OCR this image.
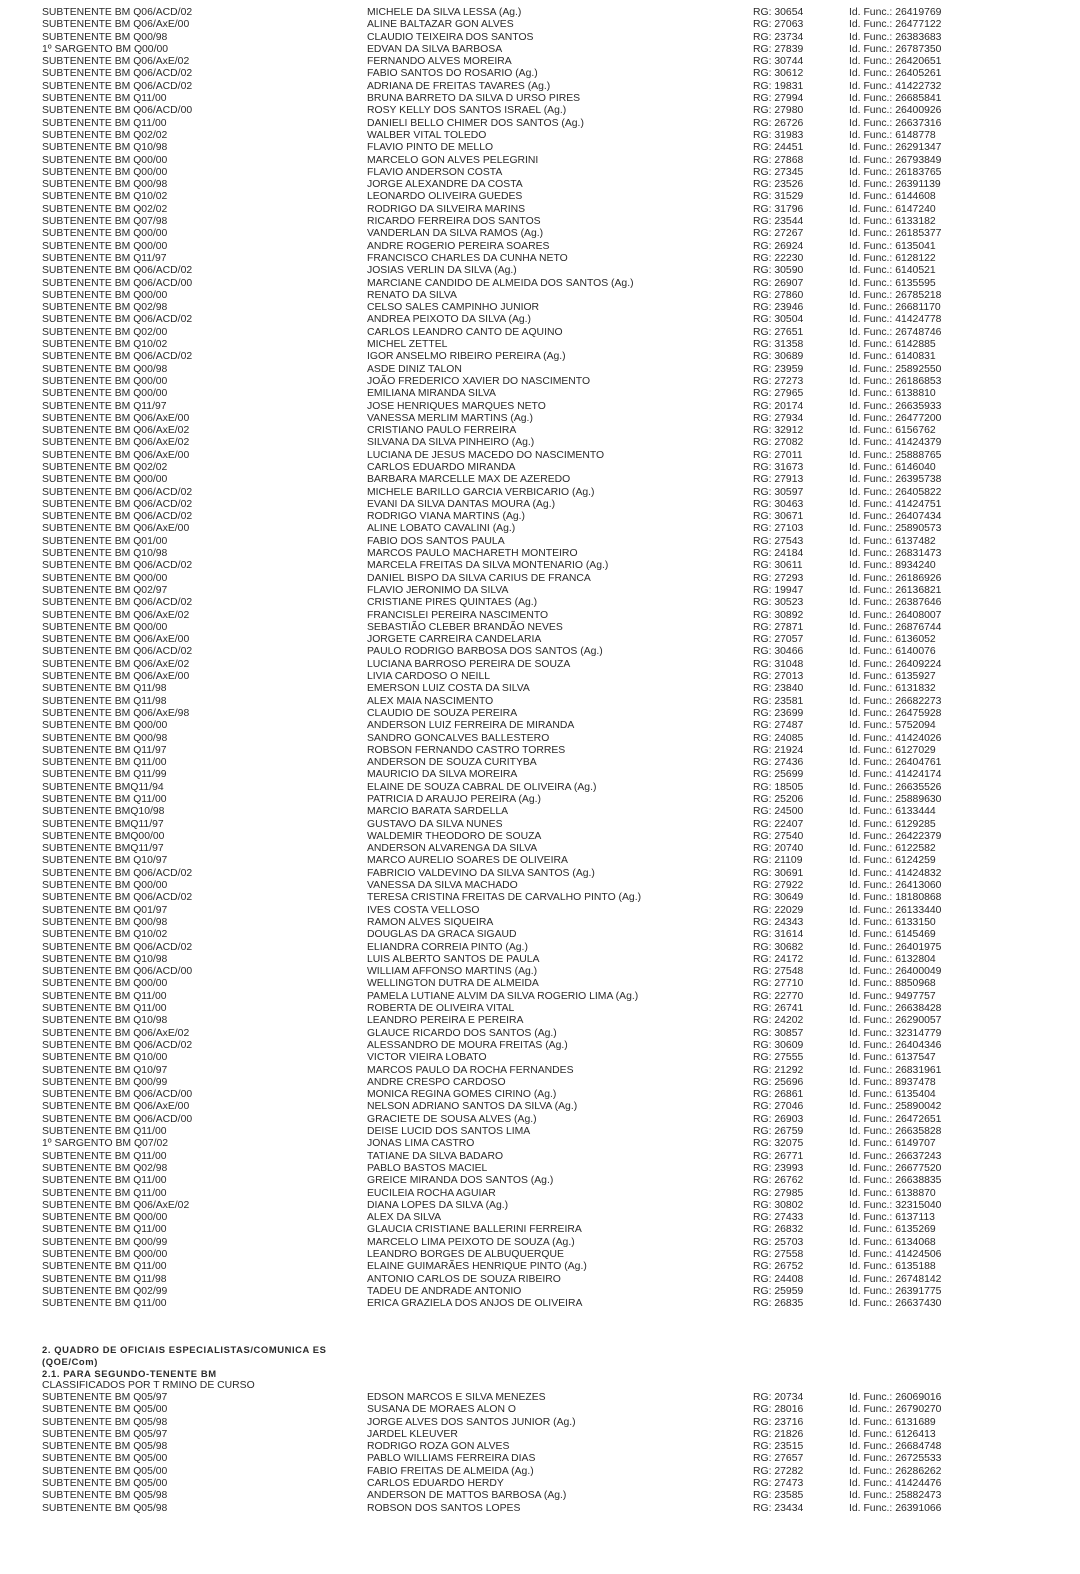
SUBTENENTE BM Q06/ACD/02	MICHELE DA SILVA LESSA (Ag.)	RG: 30654	Id. Func.: 26419769
SUBTENENTE BM Q06/AxE/00	ALINE BALTAZAR GON ALVES	RG: 27063	Id. Func.: 26477122
SUBTENENTE BM Q00/98	CLAUDIO TEIXEIRA DOS SANTOS	RG: 23734	Id. Func.: 26383683
1º SARGENTO BM Q00/00	EDVAN DA SILVA BARBOSA	RG: 27839	Id. Func.: 26787350
SUBTENENTE BM Q06/AxE/02	FERNANDO ALVES MOREIRA	RG: 30744	Id. Func.: 26420651
SUBTENENTE BM Q06/ACD/02	FABIO SANTOS DO ROSARIO (Ag.)	RG: 30612	Id. Func.: 26405261
SUBTENENTE BM Q06/ACD/02	ADRIANA DE FREITAS TAVARES (Ag.)	RG: 19831	Id. Func.: 41422732
SUBTENENTE BM Q11/00	BRUNA BARRETO DA SILVA D URSO PIRES	RG: 27994	Id. Func.: 26685841
SUBTENENTE BM Q06/ACD/00	ROSY KELLY DOS SANTOS ISRAEL (Ag.)	RG: 27980	Id. Func.: 26400926
SUBTENENTE BM Q11/00	DANIELI BELLO CHIMER DOS SANTOS (Ag.)	RG: 26726	Id. Func.: 26637316
SUBTENENTE BM Q02/02	WALBER VITAL TOLEDO	RG: 31983	Id. Func.: 6148778
SUBTENENTE BM Q10/98	FLAVIO PINTO DE MELLO	RG: 24451	Id. Func.: 26291347
SUBTENENTE BM Q00/00	MARCELO GON ALVES PELEGRINI	RG: 27868	Id. Func.: 26793849
SUBTENENTE BM Q00/00	FLAVIO ANDERSON COSTA	RG: 27345	Id. Func.: 26183765
SUBTENENTE BM Q00/98	JORGE ALEXANDRE DA COSTA	RG: 23526	Id. Func.: 26391139
SUBTENENTE BM Q10/02	LEONARDO OLIVEIRA GUEDES	RG: 31529	Id. Func.: 6144608
SUBTENENTE BM Q02/02	RODRIGO DA SILVEIRA MARINS	RG: 31796	Id. Func.: 6147240
SUBTENENTE BM Q07/98	RICARDO FERREIRA DOS SANTOS	RG: 23544	Id. Func.: 6133182
SUBTENENTE BM Q00/00	VANDERLAN DA SILVA RAMOS (Ag.)	RG: 27267	Id. Func.: 26185377
SUBTENENTE BM Q00/00	ANDRE ROGERIO PEREIRA SOARES	RG: 26924	Id. Func.: 6135041
SUBTENENTE BM Q11/97	FRANCISCO CHARLES DA CUNHA NETO	RG: 22230	Id. Func.: 6128122
SUBTENENTE BM Q06/ACD/02	JOSIAS VERLIN DA SILVA (Ag.)	RG: 30590	Id. Func.: 6140521
SUBTENENTE BM Q06/ACD/00	MARCIANE CANDIDO DE ALMEIDA DOS SANTOS (Ag.)	RG: 26907	Id. Func.: 6135595
SUBTENENTE BM Q00/00	RENATO DA SILVA	RG: 27860	Id. Func.: 26785218
SUBTENENTE BM Q02/98	CELSO SALES CAMPINHO JUNIOR	RG: 23946	Id. Func.: 26681170
SUBTENENTE BM Q06/ACD/02	ANDREA PEIXOTO DA SILVA (Ag.)	RG: 30504	Id. Func.: 41424778
SUBTENENTE BM Q02/00	CARLOS LEANDRO CANTO DE AQUINO	RG: 27651	Id. Func.: 26748746
SUBTENENTE BM Q10/02	MICHEL ZETTEL	RG: 31358	Id. Func.: 6142885
SUBTENENTE BM Q06/ACD/02	IGOR ANSELMO RIBEIRO PEREIRA (Ag.)	RG: 30689	Id. Func.: 6140831
SUBTENENTE BM Q00/98	ASDE DINIZ TALON	RG: 23959	Id. Func.: 25892550
SUBTENENTE BM Q00/00	JOÃO FREDERICO XAVIER DO NASCIMENTO	RG: 27273	Id. Func.: 26186853
SUBTENENTE BM Q00/00	EMILIANA MIRANDA SILVA	RG: 27965	Id. Func.: 6138810
SUBTENENTE BM Q11/97	JOSE HENRIQUES MARQUES NETO	RG: 20174	Id. Func.: 26635933
SUBTENENTE BM Q06/AxE/00	VANESSA MERLIM MARTINS (Ag.)	RG: 27934	Id. Func.: 26477200
SUBTENENTE BM Q06/AxE/02	CRISTIANO PAULO FERREIRA	RG: 32912	Id. Func.: 6156762
SUBTENENTE BM Q06/AxE/02	SILVANA DA SILVA PINHEIRO (Ag.)	RG: 27082	Id. Func.: 41424379
SUBTENENTE BM Q06/AxE/00	LUCIANA DE JESUS MACEDO DO NASCIMENTO	RG: 27011	Id. Func.: 25888765
SUBTENENTE BM Q02/02	CARLOS EDUARDO MIRANDA	RG: 31673	Id. Func.: 6146040
SUBTENENTE BM Q00/00	BARBARA MARCELLE MAX DE AZEREDO	RG: 27913	Id. Func.: 26395738
SUBTENENTE BM Q06/ACD/02	MICHELE BARILLO GARCIA VERBICARIO (Ag.)	RG: 30597	Id. Func.: 26405822
SUBTENENTE BM Q06/ACD/02	EVANI DA SILVA DANTAS MOURA (Ag.)	RG: 30463	Id. Func.: 41424751
SUBTENENTE BM Q06/ACD/02	RODRIGO VIANA MARTINS (Ag.)	RG: 30671	Id. Func.: 26407434
SUBTENENTE BM Q06/AxE/00	ALINE LOBATO CAVALINI (Ag.)	RG: 27103	Id. Func.: 25890573
SUBTENENTE BM Q01/00	FABIO DOS SANTOS PAULA	RG: 27543	Id. Func.: 6137482
SUBTENENTE BM Q10/98	MARCOS PAULO MACHARETH MONTEIRO	RG: 24184	Id. Func.: 26831473
SUBTENENTE BM Q06/ACD/02	MARCELA FREITAS DA SILVA MONTENARIO (Ag.)	RG: 30611	Id. Func.: 8934240
SUBTENENTE BM Q00/00	DANIEL BISPO DA SILVA CARIUS DE FRANCA	RG: 27293	Id. Func.: 26186926
SUBTENENTE BM Q02/97	FLAVIO JERONIMO DA SILVA	RG: 19947	Id. Func.: 26136821
SUBTENENTE BM Q06/ACD/02	CRISTIANE PIRES QUINTAES (Ag.)	RG: 30523	Id. Func.: 26387646
SUBTENENTE BM Q06/AxE/02	FRANCISLEI PEREIRA NASCIMENTO	RG: 30892	Id. Func.: 26408007
SUBTENENTE BM Q00/00	SEBASTIÃO CLEBER BRANDÃO NEVES	RG: 27871	Id. Func.: 26876744
SUBTENENTE BM Q06/AxE/00	JORGETE CARREIRA CANDELARIA	RG: 27057	Id. Func.: 6136052
SUBTENENTE BM Q06/ACD/02	PAULO RODRIGO BARBOSA DOS SANTOS (Ag.)	RG: 30466	Id. Func.: 6140076
SUBTENENTE BM Q06/AxE/02	LUCIANA BARROSO PEREIRA DE SOUZA	RG: 31048	Id. Func.: 26409224
SUBTENENTE BM Q06/AxE/00	LIVIA CARDOSO O NEILL	RG: 27013	Id. Func.: 6135927
SUBTENENTE BM Q11/98	EMERSON LUIZ COSTA DA SILVA	RG: 23840	Id. Func.: 6131832
SUBTENENTE BM Q11/98	ALEX MAIA NASCIMENTO	RG: 23581	Id. Func.: 26682273
SUBTENENTE BM Q06/AxE/98	CLAUDIO DE SOUZA PEREIRA	RG: 23699	Id. Func.: 26475928
SUBTENENTE BM Q00/00	ANDERSON LUIZ FERREIRA DE MIRANDA	RG: 27487	Id. Func.: 5752094
SUBTENENTE BM Q00/98	SANDRO GONCALVES BALLESTERO	RG: 24085	Id. Func.: 41424026
SUBTENENTE BM Q11/97	ROBSON FERNANDO CASTRO TORRES	RG: 21924	Id. Func.: 6127029
SUBTENENTE BM Q11/00	ANDERSON DE SOUZA CURITYBA	RG: 27436	Id. Func.: 26404761
SUBTENENTE BM Q11/99	MAURICIO DA SILVA MOREIRA	RG: 25699	Id. Func.: 41424174
SUBTENENTE BMQ11/94	ELAINE DE SOUZA CABRAL DE OLIVEIRA (Ag.)	RG: 18505	Id. Func.: 26635526
SUBTENENTE BM Q11/00	PATRICIA D ARAUJO PEREIRA (Ag.)	RG: 25206	Id. Func.: 25889630
SUBTENENTE BMQ10/98	MARCIO BARATA SARDELLA	RG: 24500	Id. Func.: 6133444
SUBTENENTE BMQ11/97	GUSTAVO DA SILVA NUNES	RG: 22407	Id. Func.: 6129285
SUBTENENTE BMQ00/00	WALDEMIR THEODORO DE SOUZA	RG: 27540	Id. Func.: 26422379
SUBTENENTE BMQ11/97	ANDERSON ALVARENGA DA SILVA	RG: 20740	Id. Func.: 6122582
SUBTENENTE BM Q10/97	MARCO AURELIO SOARES DE OLIVEIRA	RG: 21109	Id. Func.: 6124259
SUBTENENTE BM Q06/ACD/02	FABRICIO VALDEVINO DA SILVA SANTOS (Ag.)	RG: 30691	Id. Func.: 41424832
SUBTENENTE BM Q00/00	VANESSA DA SILVA MACHADO	RG: 27922	Id. Func.: 26413060
SUBTENENTE BM Q06/ACD/02	TERESA CRISTINA FREITAS DE CARVALHO PINTO (Ag.)	RG: 30649	Id. Func.: 18180868
SUBTENENTE BM Q01/97	IVES COSTA VELLOSO	RG: 22029	Id. Func.: 26133440
SUBTENENTE BM Q00/98	RAMON ALVES SIQUEIRA	RG: 24343	Id. Func.: 6133150
SUBTENENTE BM Q10/02	DOUGLAS DA GRACA SIGAUD	RG: 31614	Id. Func.: 6145469
SUBTENENTE BM Q06/ACD/02	ELIANDRA CORREIA PINTO (Ag.)	RG: 30682	Id. Func.: 26401975
SUBTENENTE BM Q10/98	LUIS ALBERTO SANTOS DE PAULA	RG: 24172	Id. Func.: 6132804
SUBTENENTE BM Q06/ACD/00	WILLIAM AFFONSO MARTINS (Ag.)	RG: 27548	Id. Func.: 26400049
SUBTENENTE BM Q00/00	WELLINGTON DUTRA DE ALMEIDA	RG: 27710	Id. Func.: 8850968
SUBTENENTE BM Q11/00	PAMELA LUTIANE ALVIM DA SILVA ROGERIO LIMA (Ag.)	RG: 22770	Id. Func.: 9497757
SUBTENENTE BM Q11/00	ROBERTA DE OLIVEIRA VITAL	RG: 26741	Id. Func.: 26638428
SUBTENENTE BM Q10/98	LEANDRO PEREIRA E PEREIRA	RG: 24202	Id. Func.: 26290057
SUBTENENTE BM Q06/AxE/02	GLAUCE RICARDO DOS SANTOS (Ag.)	RG: 30857	Id. Func.: 32314779
SUBTENENTE BM Q06/ACD/02	ALESSANDRO DE MOURA FREITAS (Ag.)	RG: 30609	Id. Func.: 26404346
SUBTENENTE BM Q10/00	VICTOR VIEIRA LOBATO	RG: 27555	Id. Func.: 6137547
SUBTENENTE BM Q10/97	MARCOS PAULO DA ROCHA FERNANDES	RG: 21292	Id. Func.: 26831961
SUBTENENTE BM Q00/99	ANDRE CRESPO CARDOSO	RG: 25696	Id. Func.: 8937478
SUBTENENTE BM Q06/ACD/00	MONICA REGINA GOMES CIRINO (Ag.)	RG: 26861	Id. Func.: 6135404
SUBTENENTE BM Q06/AxE/00	NELSON ADRIANO SANTOS DA SILVA (Ag.)	RG: 27046	Id. Func.: 25890042
SUBTENENTE BM Q06/ACD/00	GRACIETE DE SOUSA ALVES (Ag.)	RG: 26903	Id. Func.: 26472651
SUBTENENTE BM Q11/00	DEISE LUCID DOS SANTOS LIMA	RG: 26759	Id. Func.: 26635828
1º SARGENTO BM Q07/02	JONAS LIMA CASTRO	RG: 32075	Id. Func.: 6149707
SUBTENENTE BM Q11/00	TATIANE DA SILVA BADARO	RG: 26771	Id. Func.: 26637243
SUBTENENTE BM Q02/98	PABLO BASTOS MACIEL	RG: 23993	Id. Func.: 26677520
SUBTENENTE BM Q11/00	GREICE MIRANDA DOS SANTOS (Ag.)	RG: 26762	Id. Func.: 26638835
SUBTENENTE BM Q11/00	EUCILEIA ROCHA AGUIAR	RG: 27985	Id. Func.: 6138870
SUBTENENTE BM Q06/AxE/02	DIANA LOPES DA SILVA (Ag.)	RG: 30802	Id. Func.: 32315040
SUBTENENTE BM Q00/00	ALEX DA SILVA	RG: 27433	Id. Func.: 6137113
SUBTENENTE BM Q11/00	GLAUCIA CRISTIANE BALLERINI FERREIRA	RG: 26832	Id. Func.: 6135269
SUBTENENTE BM Q00/99	MARCELO LIMA PEIXOTO DE SOUZA (Ag.)	RG: 25703	Id. Func.: 6134068
SUBTENENTE BM Q00/00	LEANDRO BORGES DE ALBUQUERQUE	RG: 27558	Id. Func.: 41424506
SUBTENENTE BM Q11/00	ELAINE GUIMARÃES HENRIQUE PINTO (Ag.)	RG: 26752	Id. Func.: 6135188
SUBTENENTE BM Q11/98	ANTONIO CARLOS DE SOUZA RIBEIRO	RG: 24408	Id. Func.: 26748142
SUBTENENTE BM Q02/99	TADEU DE ANDRADE ANTONIO	RG: 25959	Id. Func.: 26391775
SUBTENENTE BM Q11/00	ERICA GRAZIELA DOS ANJOS DE OLIVEIRA	RG: 26835	Id. Func.: 26637430
2. QUADRO DE OFICIAIS ESPECIALISTAS/COMUNICA ES
(QOE/Com)
2.1. PARA SEGUNDO-TENENTE BM
CLASSIFICADOS POR T RMINO DE CURSO
SUBTENENTE BM Q05/97	EDSON MARCOS E SILVA MENEZES	RG: 20734	Id. Func.: 26069016
SUBTENENTE BM Q05/00	SUSANA DE MORAES ALON O	RG: 28016	Id. Func.: 26790270
SUBTENENTE BM Q05/98	JORGE ALVES DOS SANTOS JUNIOR (Ag.)	RG: 23716	Id. Func.: 6131689
SUBTENENTE BM Q05/97	JARDEL KLEUVER	RG: 21826	Id. Func.: 6126413
SUBTENENTE BM Q05/98	RODRIGO ROZA GON ALVES	RG: 23515	Id. Func.: 26684748
SUBTENENTE BM Q05/00	PABLO WILLIAMS FERREIRA DIAS	RG: 27657	Id. Func.: 26725533
SUBTENENTE BM Q05/00	FABIO FREITAS DE ALMEIDA (Ag.)	RG: 27282	Id. Func.: 26286262
SUBTENENTE BM Q05/00	CARLOS EDUARDO HERDY	RG: 27473	Id. Func.: 41424476
SUBTENENTE BM Q05/98	ANDERSON DE MATTOS BARBOSA (Ag.)	RG: 23585	Id. Func.: 25882473
SUBTENENTE BM Q05/98	ROBSON DOS SANTOS LOPES	RG: 23434	Id. Func.: 26391066
